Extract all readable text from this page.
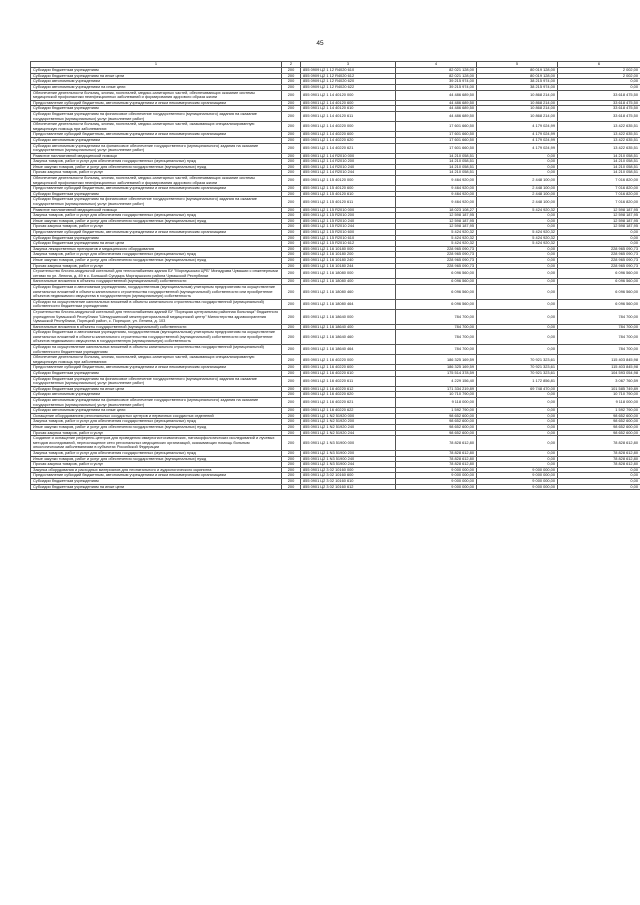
45
1	2	3	4	5	6
Субсидии бюджетным учреждениям	200	855 0909 Ц2 1 12 R4020 610	82 021 128,00	80 019 128,00	2 002,00
Субсидии бюджетным учреждениям на иные цели	200	855 0909 Ц2 1 12 R4020 612	82 021 128,00	80 019 128,00	2 002,00
Субсидии автономным учреждениям	200	855 0909 Ц2 1 12 R4020 620	39 215 974,00	38 215 974,00	0,00
Субсидии автономным учреждениям на иные цели	200	855 0909 Ц2 1 12 R4020 622	39 215 974,00	38 215 974,00	0,00
Обеспечение деятельности больниц, клиник, госпиталей, медико-санитарных частей, обеспечивающих оказание системы медицинской профилактики неинфекционных заболеваний и формирования здорового образа жизни	200	855 0901 Ц2 1 14 40120 000	44 486 689,50	10 868 214,00	33 618 475,50
Предоставление субсидий бюджетным, автономным учреждениям и иным некоммерческим организациям	200	855 0901 Ц2 1 14 40120 600	44 486 689,50	10 868 214,00	33 618 475,50
Субсидии бюджетным учреждениям	200	855 0901 Ц2 1 14 40120 610	44 486 689,50	10 868 214,00	33 618 475,50
Субсидии бюджетным учреждениям на финансовое обеспечение государственного (муниципального) задания на оказание государственных (муниципальных) услуг (выполнение работ)	200	855 0901 Ц2 1 14 40120 611	44 486 689,50	10 868 214,00	33 618 475,50
Обеспечение деятельности больниц, клиник, госпиталей, медико-санитарных частей, оказывающих специализированную медицинскую помощь при заболеваниях	200	855 0901 Ц2 1 14 40220 000	17 601 660,50	4 179 024,99	13 422 635,51
Предоставление субсидий бюджетным, автономным учреждениям и иным некоммерческим организациям	200	855 0901 Ц2 1 14 40220 600	17 601 660,50	4 179 024,99	13 422 635,51
Субсидии автономным учреждениям	200	855 0901 Ц2 1 14 40220 620	17 601 660,50	4 179 024,99	13 422 635,51
Субсидии автономным учреждениям на финансовое обеспечение государственного (муниципального) задания на оказание государственных (муниципальных) услуг (выполнение работ)	200	855 0901 Ц2 1 14 40220 621	17 601 660,50	4 179 024,99	13 422 635,51
Развитие паллиативной медицинской помощи	200	855 0901 Ц2 1 14 R2010 000	14 210 058,51	0,00	14 210 058,51
Закупка товаров, работ и услуг для обеспечения государственных (муниципальных) нужд	200	855 0901 Ц2 1 14 R2010 200	14 210 058,51	0,00	14 210 058,51
Иные закупки товаров, работ и услуг для обеспечения государственных (муниципальных) нужд	200	855 0901 Ц2 1 14 R2010 240	14 210 058,51	0,00	14 210 058,51
Прочая закупка товаров, работ и услуг	200	855 0901 Ц2 1 14 R2010 244	14 210 058,51	0,00	14 210 058,51
Обеспечение деятельности больниц, клиник, госпиталей, медико-санитарных частей, обеспечивающих оказание системы медицинской профилактики неинфекционных заболеваний и формирования здорового образа жизни	200	855 0901 Ц2 1 15 40120 000	9 464 920,00	2 448 100,00	7 016 820,00
Предоставление субсидий бюджетным, автономным учреждениям и иным некоммерческим организациям	200	855 0901 Ц2 1 15 40120 600	9 464 920,00	2 448 100,00	7 016 820,00
Субсидии бюджетным учреждениям	200	855 0901 Ц2 1 15 40120 610	9 464 920,00	2 448 100,00	7 016 820,00
Субсидии бюджетным учреждениям на финансовое обеспечение государственного (муниципального) задания на оказание государственных (муниципальных) услуг (выполнение работ)	200	855 0901 Ц2 1 15 40120 611	9 464 920,00	2 448 100,00	7 016 820,00
Развитие паллиативной медицинской помощи	200	855 0901 Ц2 1 15 R2010 000	18 023 108,27	5 424 920,32	12 598 187,95
Закупка товаров, работ и услуг для обеспечения государственных (муниципальных) нужд	200	855 0901 Ц2 1 15 R2010 200	12 598 187,95	0,00	12 598 187,95
Иные закупки товаров, работ и услуг для обеспечения государственных (муниципальных) нужд	200	855 0901 Ц2 1 15 R2010 240	12 598 187,95	0,00	12 598 187,95
Прочая закупка товаров, работ и услуг	200	855 0901 Ц2 1 15 R2010 244	12 598 187,95	0,00	12 598 187,95
Предоставление субсидий бюджетным, автономным учреждениям и иным некоммерческим организациям	200	855 0901 Ц2 1 15 R2010 600	5 424 920,32	5 424 920,32	0,00
Субсидии бюджетным учреждениям	200	855 0901 Ц2 1 15 R2010 610	5 424 920,32	5 424 920,32	0,00
Субсидии бюджетным учреждениям на иные цели	200	855 0901 Ц2 1 15 R2010 612	5 424 920,32	5 424 920,32	0,00
Закупка лекарственных препаратов и медицинского оборудования	200	855 0901 Ц2 1 16 10180 000	228 965 090,73	0,00	228 965 090,73
Закупка товаров, работ и услуг для обеспечения государственных (муниципальных) нужд	200	855 0901 Ц2 1 16 10180 200	228 965 090,73	0,00	228 965 090,73
Иные закупки товаров, работ и услуг для обеспечения государственных (муниципальных) нужд	200	855 0901 Ц2 1 16 10180 240	228 965 090,73	0,00	228 965 090,73
Прочая закупка товаров, работ и услуг	200	855 0901 Ц2 1 16 10180 244	228 965 090,73	0,00	228 965 090,73
Строительство блочно-модульной котельной для теплоснабжения здания БУ "Моргаушская ЦРБ" Минздрава Чувашии с инженерными сетями по ул. Ленина, д. 49 в с. Большой Сундырь Моргаушского района Чувашской Республики	200	855 0901 Ц2 1 16 18080 000	6 096 560,00	0,00	6 096 560,00
Капитальные вложения в объекты государственной (муниципальной) собственности	200	855 0901 Ц2 1 16 18080 400	6 096 560,00	0,00	6 096 560,00
Субсидии бюджетным и автономным учреждениям, государственным (муниципальным) унитарным предприятиям на осуществление капитальных вложений в объекты капитального строительства государственной (муниципальной) собственности или приобретение объектов недвижимого имущества в государственную (муниципальную) собственность	200	855 0901 Ц2 1 16 18080 460	6 096 560,00	0,00	6 096 560,00
Субсидии на осуществление капитальных вложений в объекты капитального строительства государственной (муниципальной) собственности бюджетным учреждениям	200	855 0901 Ц2 1 16 18080 464	6 096 560,00	0,00	6 096 560,00
Строительство блочно-модульной котельной для теплоснабжения зданий БУ "Порецкая центральная районная больница" бюджетного учреждения Чувашской Республики "Шемуршинский межтерриториальный медицинский центр" Министерства здравоохранения Чувашской Республики, Порецкий район, с. Порецкое, ул. Ленина, д. 103	200	855 0901 Ц2 1 16 18640 000	784 700,00	0,00	784 700,00
Капитальные вложения в объекты государственной (муниципальной) собственности	200	855 0901 Ц2 1 16 18640 400	784 700,00	0,00	784 700,00
Субсидии бюджетным и автономным учреждениям, государственным (муниципальным) унитарным предприятиям на осуществление капитальных вложений в объекты капитального строительства государственной (муниципальной) собственности или приобретение объектов недвижимого имущества в государственную (муниципальную) собственность	200	855 0901 Ц2 1 16 18640 460	784 700,00	0,00	784 700,00
Субсидии на осуществление капитальных вложений в объекты капитального строительства государственной (муниципальной) собственности бюджетным учреждениям	200	855 0901 Ц2 1 16 18640 464	784 700,00	0,00	784 700,00
Обеспечение деятельности больниц, клиник, госпиталей, медико-санитарных частей, оказывающих специализированную медицинскую помощь при заболеваниях	200	855 0901 Ц2 1 16 40220 000	186 325 169,59	70 921 323,61	115 403 845,98
Предоставление субсидий бюджетным, автономным учреждениям и иным некоммерческим организациям	200	855 0901 Ц2 1 16 40220 600	186 325 169,59	70 921 323,61	115 403 845,98
Субсидии бюджетным учреждениям	200	855 0901 Ц2 1 16 40220 610	175 514 378,59	70 921 323,61	104 593 054,98
Субсидии бюджетным учреждениям на финансовое обеспечение государственного (муниципального) задания на оказание государственных (муниципальных) услуг (выполнение работ)	200	855 0901 Ц2 1 16 40220 611	4 229 156,40	1 172 856,81	3 067 760,59
Субсидии бюджетным учреждениям на иные цели	200	855 0901 Ц2 1 16 40220 612	171 334 219,89	69 748 470,00	101 585 749,89
Субсидии автономным учреждениям	200	855 0901 Ц2 1 16 40220 620	10 710 790,00	0,00	10 710 790,00
Субсидии автономным учреждениям на финансовое обеспечение государственного (муниципального) задания на оказание государственных (муниципальных) услуг (выполнение работ)	200	855 0901 Ц2 1 16 40220 621	9 118 000,00	0,00	9 118 000,00
Субсидии автономным учреждениям на иные цели	200	855 0901 Ц2 1 16 40220 622	1 592 790,00	0,00	1 592 790,00
Оснащение оборудованием региональных сосудистых центров и первичных сосудистых отделений	200	855 0901 Ц2 1 N2 51920 000	98 652 600,00	0,00	98 652 600,00
Закупка товаров, работ и услуг для обеспечения государственных (муниципальных) нужд	200	855 0901 Ц2 1 N2 51920 200	98 652 600,00	0,00	98 652 600,00
Иные закупки товаров, работ и услуг для обеспечения государственных (муниципальных) нужд	200	855 0901 Ц2 1 N2 51920 240	98 652 600,00	0,00	98 652 600,00
Прочая закупка товаров, работ и услуг	200	855 0901 Ц2 1 N2 51920 244	98 652 600,00	0,00	98 652 600,00
Создание и оснащение референс-центров для проведения иммуногистохимических, патоморфологических исследований и лучевых методов исследований, переоснащение сети региональных медицинских организаций, оказывающих помощь больным онкологическими заболеваниями в субъектах Российской Федерации	200	855 0901 Ц2 1 N3 51900 000	78 828 612,80	0,00	78 828 612,80
Закупка товаров, работ и услуг для обеспечения государственных (муниципальных) нужд	200	855 0901 Ц2 1 N3 51900 200	78 828 612,80	0,00	78 828 612,80
Иные закупки товаров, работ и услуг для обеспечения государственных (муниципальных) нужд	200	855 0901 Ц2 1 N3 51900 240	78 828 612,80	0,00	78 828 612,80
Прочая закупка товаров, работ и услуг	200	855 0901 Ц2 1 N3 51900 244	78 828 612,80	0,00	78 828 612,80
Закупка оборудования и расходных материалов для неонатального и аудиологического скрининга	200	855 0901 Ц2 3 02 10160 000	9 000 000,00	9 000 000,00	0,00
Предоставление субсидий бюджетным, автономным учреждениям и иным некоммерческим организациям	200	855 0901 Ц2 3 02 10160 600	9 000 000,00	9 000 000,00	0,00
Субсидии бюджетным учреждениям	200	855 0901 Ц2 3 02 10160 610	9 000 000,00	9 000 000,00	0,00
Субсидии бюджетным учреждениям на иные цели	200	855 0901 Ц2 3 02 10160 612	9 000 000,00	9 000 000,00	0,00
